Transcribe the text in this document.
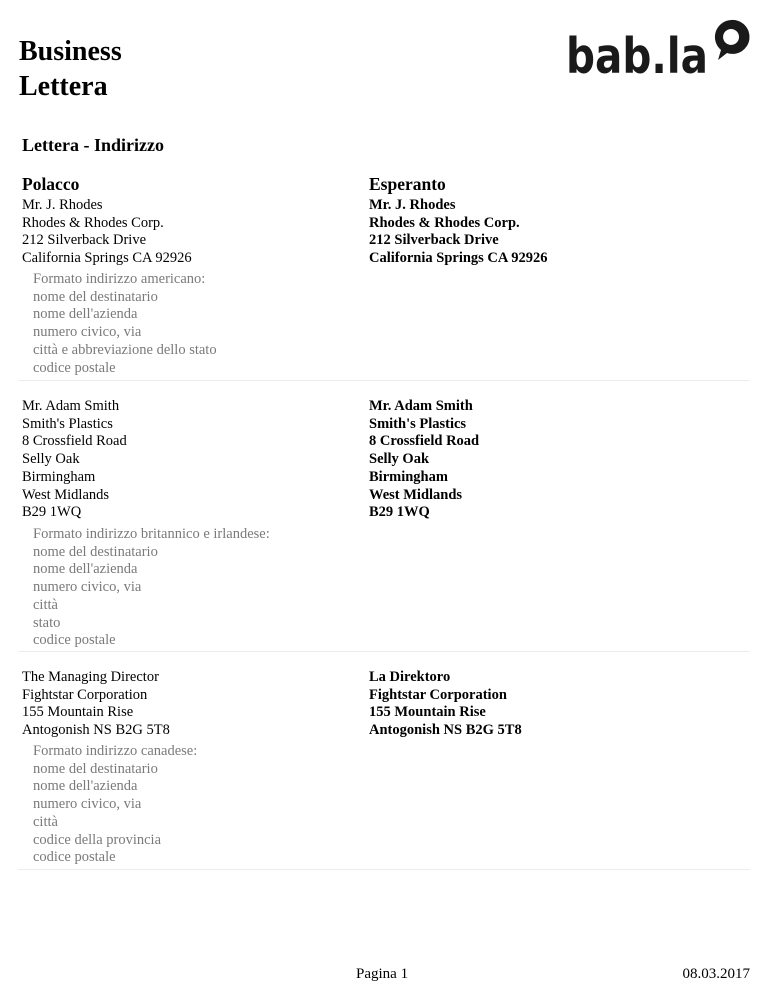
Business
Lettera
bab.la
Lettera - Indirizzo
Polacco	Esperanto
Mr. J. Rhodes
Rhodes & Rhodes Corp.
212 Silverback Drive
California Springs CA 92926
Mr. J. Rhodes
Rhodes & Rhodes Corp.
212 Silverback Drive
California Springs CA 92926
Formato indirizzo americano:
nome del destinatario
nome dell'azienda
numero civico, via
città e abbreviazione dello stato
codice postale
Mr. Adam Smith
Smith's Plastics
8 Crossfield Road
Selly Oak
Birmingham
West Midlands
B29 1WQ
Mr. Adam Smith
Smith's Plastics
8 Crossfield Road
Selly Oak
Birmingham
West Midlands
B29 1WQ
Formato indirizzo britannico e irlandese:
nome del destinatario
nome dell'azienda
numero civico, via
città
stato
codice postale
The Managing Director
Fightstar Corporation
155 Mountain Rise
Antogonish NS B2G 5T8
La Direktoro
Fightstar Corporation
155 Mountain Rise
Antogonish NS B2G 5T8
Formato indirizzo canadese:
nome del destinatario
nome dell'azienda
numero civico, via
città
codice della provincia
codice postale
Pagina 1	08.03.2017
